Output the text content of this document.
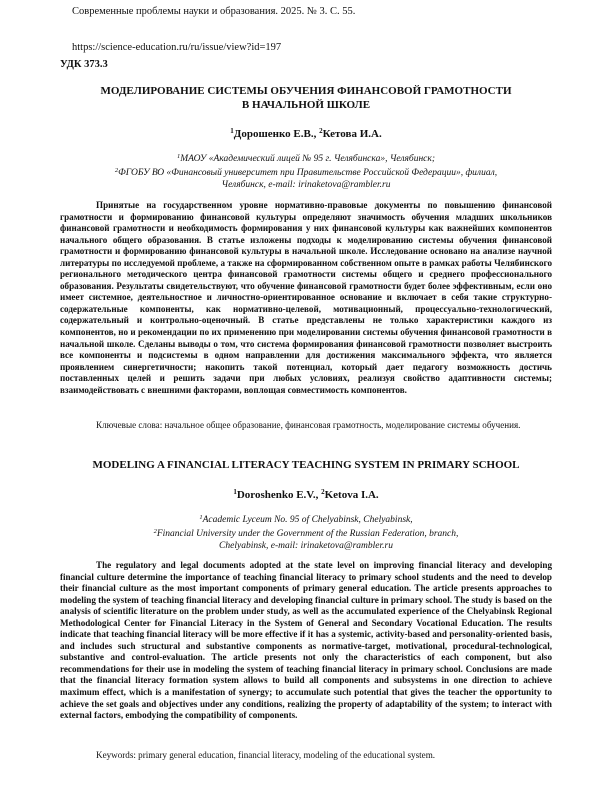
Современные проблемы науки и образования. 2025. № 3. С. 55.
https://science-education.ru/ru/issue/view?id=197
УДК 373.3
МОДЕЛИРОВАНИЕ СИСТЕМЫ ОБУЧЕНИЯ ФИНАНСОВОЙ ГРАМОТНОСТИ
В НАЧАЛЬНОЙ ШКОЛЕ
$^1$Дорошенко Е.В., $^2$Кетова И.А.
$^1$МАОУ «Академический лицей № 95 г. Челябинска», Челябинск;
$^2$ФГОБУ ВО «Финансовый университет при Правительстве Российской Федерации», филиал,
Челябинск, e-mail: irinaketova@rambler.ru
Принятые на государственном уровне нормативно-правовые документы по повышению финансовой грамотности и формированию финансовой культуры определяют значимость обучения младших школьников финансовой грамотности и необходимость формирования у них финансовой культуры как важнейших компонентов начального общего образования. В статье изложены подходы к моделированию системы обучения финансовой грамотности и формированию финансовой культуры в начальной школе. Исследование основано на анализе научной литературы по исследуемой проблеме, а также на сформированном собственном опыте в рамках работы Челябинского регионального методического центра финансовой грамотности системы общего и среднего профессионального образования. Результаты свидетельствуют, что обучение финансовой грамотности будет более эффективным, если оно имеет системное, деятельностное и личностно-ориентированное основание и включает в себя такие структурно-содержательные компоненты, как нормативно-целевой, мотивационный, процессуально-технологический, содержательный и контрольно-оценочный. В статье представлены не только характеристики каждого из компонентов, но и рекомендации по их применению при моделировании системы обучения финансовой грамотности в начальной школе. Сделаны выводы о том, что система формирования финансовой грамотности позволяет выстроить все компоненты и подсистемы в одном направлении для достижения максимального эффекта, что является проявлением синергетичности; накопить такой потенциал, который дает педагогу возможность достичь поставленных целей и решить задачи при любых условиях, реализуя свойство адаптивности системы; взаимодействовать с внешними факторами, воплощая совместимость компонентов.
Ключевые слова: начальное общее образование, финансовая грамотность, моделирование системы обучения.
MODELING A FINANCIAL LITERACY TEACHING SYSTEM IN PRIMARY SCHOOL
$^1$Doroshenko E.V., $^2$Ketova I.A.
$^1$Academic Lyceum No. 95 of Chelyabinsk, Chelyabinsk,
$^2$Financial University under the Government of the Russian Federation, branch,
Chelyabinsk, e-mail: irinaketova@rambler.ru
The regulatory and legal documents adopted at the state level on improving financial literacy and developing financial culture determine the importance of teaching financial literacy to primary school students and the need to develop their financial culture as the most important components of primary general education. The article presents approaches to modeling the system of teaching financial literacy and developing financial culture in primary school. The study is based on the analysis of scientific literature on the problem under study, as well as the accumulated experience of the Chelyabinsk Regional Methodological Center for Financial Literacy in the System of General and Secondary Vocational Education. The results indicate that teaching financial literacy will be more effective if it has a systemic, activity-based and personality-oriented basis, and includes such structural and substantive components as normative-target, motivational, procedural-technological, substantive and control-evaluation. The article presents not only the characteristics of each component, but also recommendations for their use in modeling the system of teaching financial literacy in primary school. Conclusions are made that the financial literacy formation system allows to build all components and subsystems in one direction to achieve maximum effect, which is a manifestation of synergy; to accumulate such potential that gives the teacher the opportunity to achieve the set goals and objectives under any conditions, realizing the property of adaptability of the system; to interact with external factors, embodying the compatibility of components.
Keywords: primary general education, financial literacy, modeling of the educational system.
